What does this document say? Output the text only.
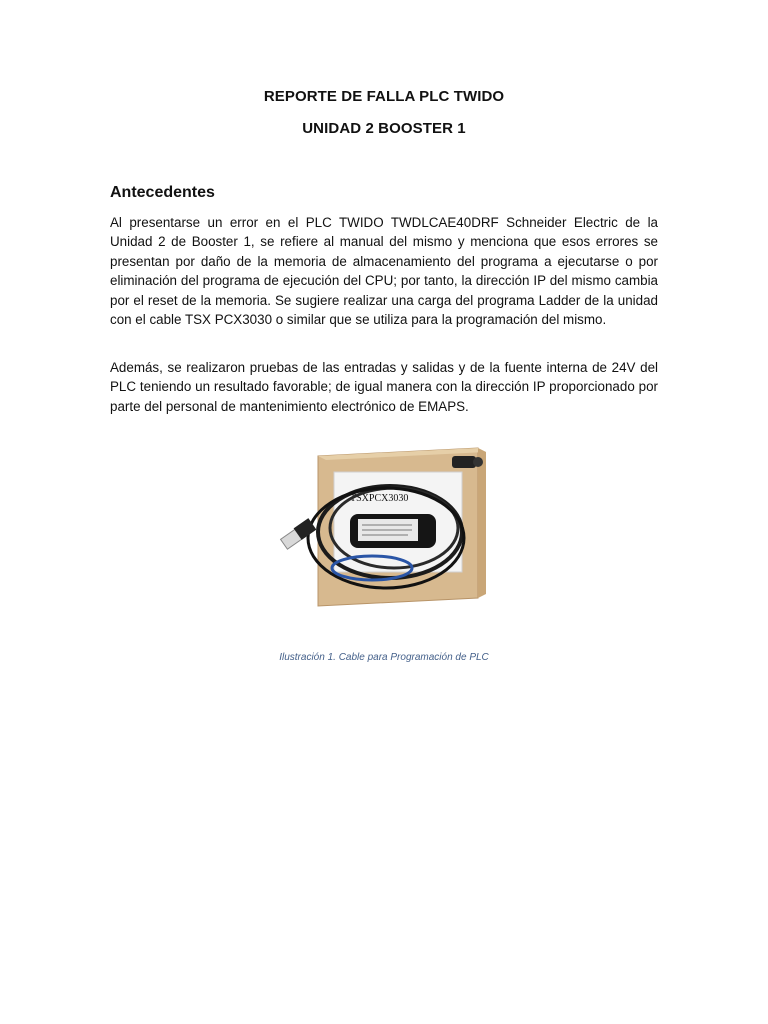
REPORTE DE FALLA PLC TWIDO
UNIDAD 2 BOOSTER 1
Antecedentes
Al presentarse un error en el PLC TWIDO TWDLCAE40DRF Schneider Electric de la Unidad 2 de Booster 1, se refiere al manual del mismo y menciona que esos errores se presentan por daño de la memoria de almacenamiento del programa a ejecutarse o por eliminación del programa de ejecución del CPU; por tanto, la dirección IP del mismo cambia por el reset de la memoria. Se sugiere realizar una carga del programa Ladder de la unidad con el cable TSX PCX3030 o similar que se utiliza para la programación del mismo.
Además, se realizaron pruebas de las entradas y salidas y de la fuente interna de 24V del PLC teniendo un resultado favorable; de igual manera con la dirección IP proporcionado por parte del personal de mantenimiento electrónico de EMAPS.
TSXPCX3030
Ilustración 1. Cable para Programación de PLC
